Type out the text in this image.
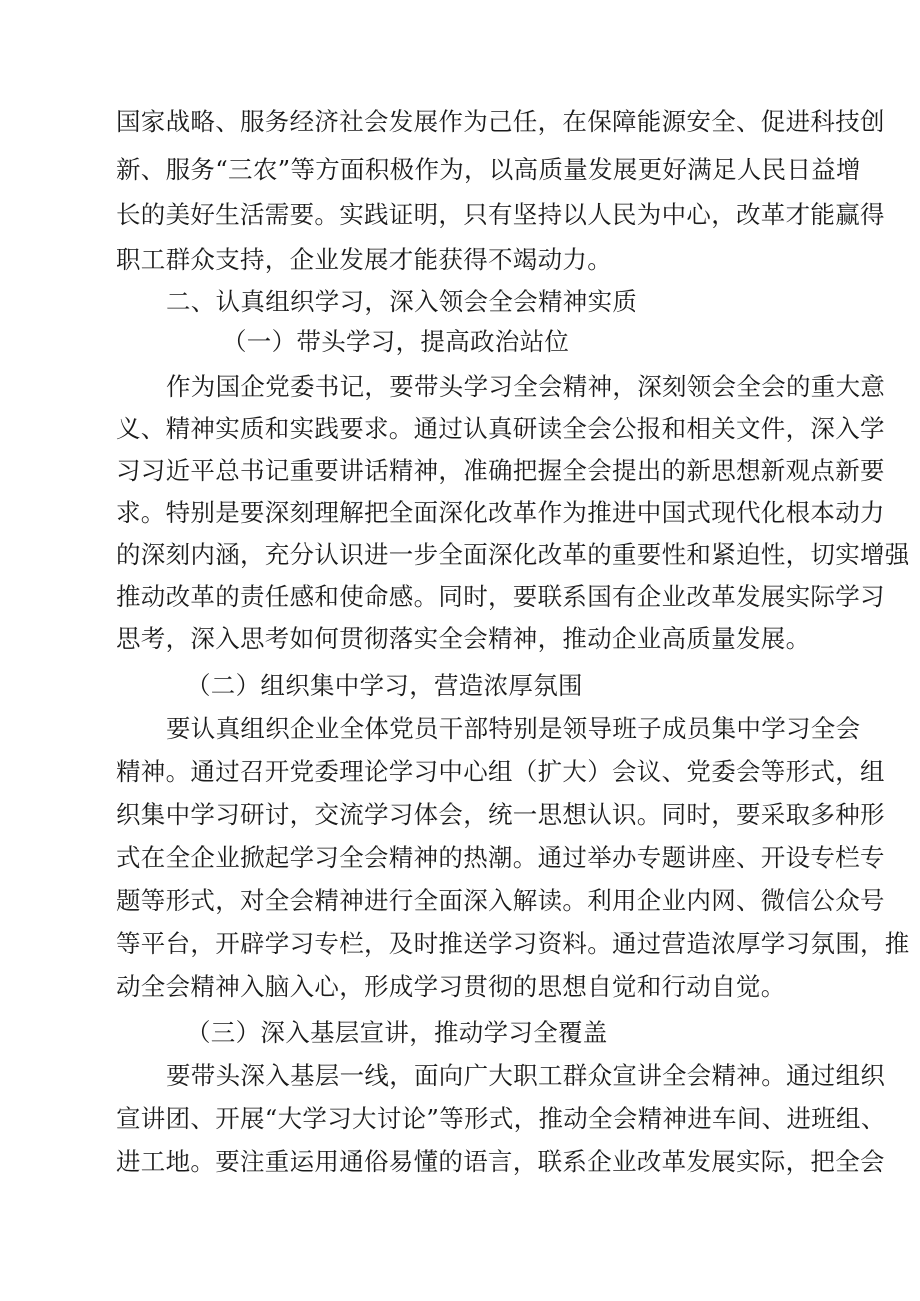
国家战略、服务经济社会发展作为己任，在保障能源安全、促进科技创
新、服务“三农”等方面积极作为，以高质量发展更好满足人民日益增
长的美好生活需要。实践证明，只有坚持以人民为中心，改革才能赢得
职工群众支持，企业发展才能获得不竭动力。
二、认真组织学习，深入领会全会精神实质
（一）带头学习，提高政治站位
作为国企党委书记，要带头学习全会精神，深刻领会全会的重大意
义、精神实质和实践要求。通过认真研读全会公报和相关文件，深入学
习习近平总书记重要讲话精神，准确把握全会提出的新思想新观点新要
求。特别是要深刻理解把全面深化改革作为推进中国式现代化根本动力
的深刻内涵，充分认识进一步全面深化改革的重要性和紧迫性，切实增强
推动改革的责任感和使命感。同时，要联系国有企业改革发展实际学习
思考，深入思考如何贯彻落实全会精神，推动企业高质量发展。
（二）组织集中学习，营造浓厚氛围
要认真组织企业全体党员干部特别是领导班子成员集中学习全会
精神。通过召开党委理论学习中心组（扩大）会议、党委会等形式，组
织集中学习研讨，交流学习体会，统一思想认识。同时，要采取多种形
式在全企业掀起学习全会精神的热潮。通过举办专题讲座、开设专栏专
题等形式，对全会精神进行全面深入解读。利用企业内网、微信公众号
等平台，开辟学习专栏，及时推送学习资料。通过营造浓厚学习氛围，推
动全会精神入脑入心，形成学习贯彻的思想自觉和行动自觉。
（三）深入基层宣讲，推动学习全覆盖
要带头深入基层一线，面向广大职工群众宣讲全会精神。通过组织
宣讲团、开展“大学习大讨论”等形式，推动全会精神进车间、进班组、
进工地。要注重运用通俗易懂的语言，联系企业改革发展实际，把全会
